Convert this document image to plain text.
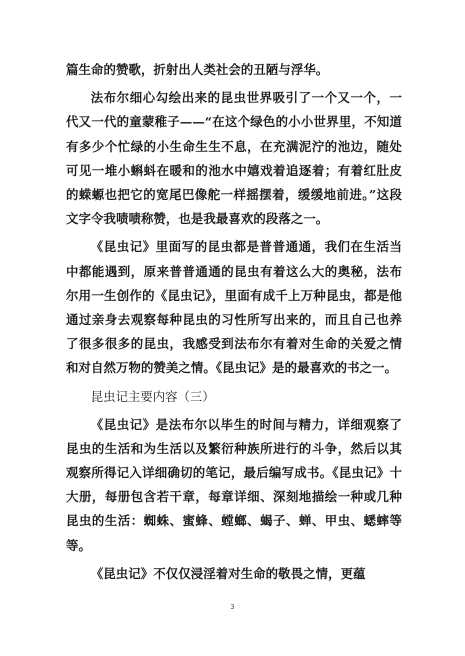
篇生命的赞歌，折射出人类社会的丑陋与浮华。

法布尔细心勾绘出来的昆虫世界吸引了一个又一个，一代又一代的童蒙稚子——“在这个绿色的小小世界里，不知道有多少个忙绿的小生命生生不息，在充满泥泞的池边，随处可见一堆小蝌蚪在暖和的池水中嬉戏着追逐着；有着红肚皮的蝾螈也把它的宽尾巴像舵一样摇摆着，缓缓地前进。”这段文字令我啧啧称赞，也是我最喜欢的段落之一。

《昆虫记》里面写的昆虫都是普普通通，我们在生活当中都能遇到，原来普普通通的昆虫有着这么大的奥秘，法布尔用一生创作的《昆虫记》，里面有成千上万种昆虫，都是他通过亲身去观察每种昆虫的习性所写出来的，而且自己也养了很多很多的昆虫，我感受到法布尔有着对生命的关爱之情和对自然万物的赞美之情。《昆虫记》是的最喜欢的书之一。

昆虫记主要内容（三）

《昆虫记》是法布尔以毕生的时间与精力，详细观察了昆虫的生活和为生活以及繁衍种族所进行的斗争，然后以其观察所得记入详细确切的笔记，最后编写成书。《昆虫记》十大册，每册包含若干章，每章详细、深刻地描绘一种或几种昆虫的生活：蜘蛛、蜜蜂、螳螂、蝎子、蝉、甲虫、蟋蟀等等。

《昆虫记》不仅仅浸淫着对生命的敬畏之情，更蕴

3
